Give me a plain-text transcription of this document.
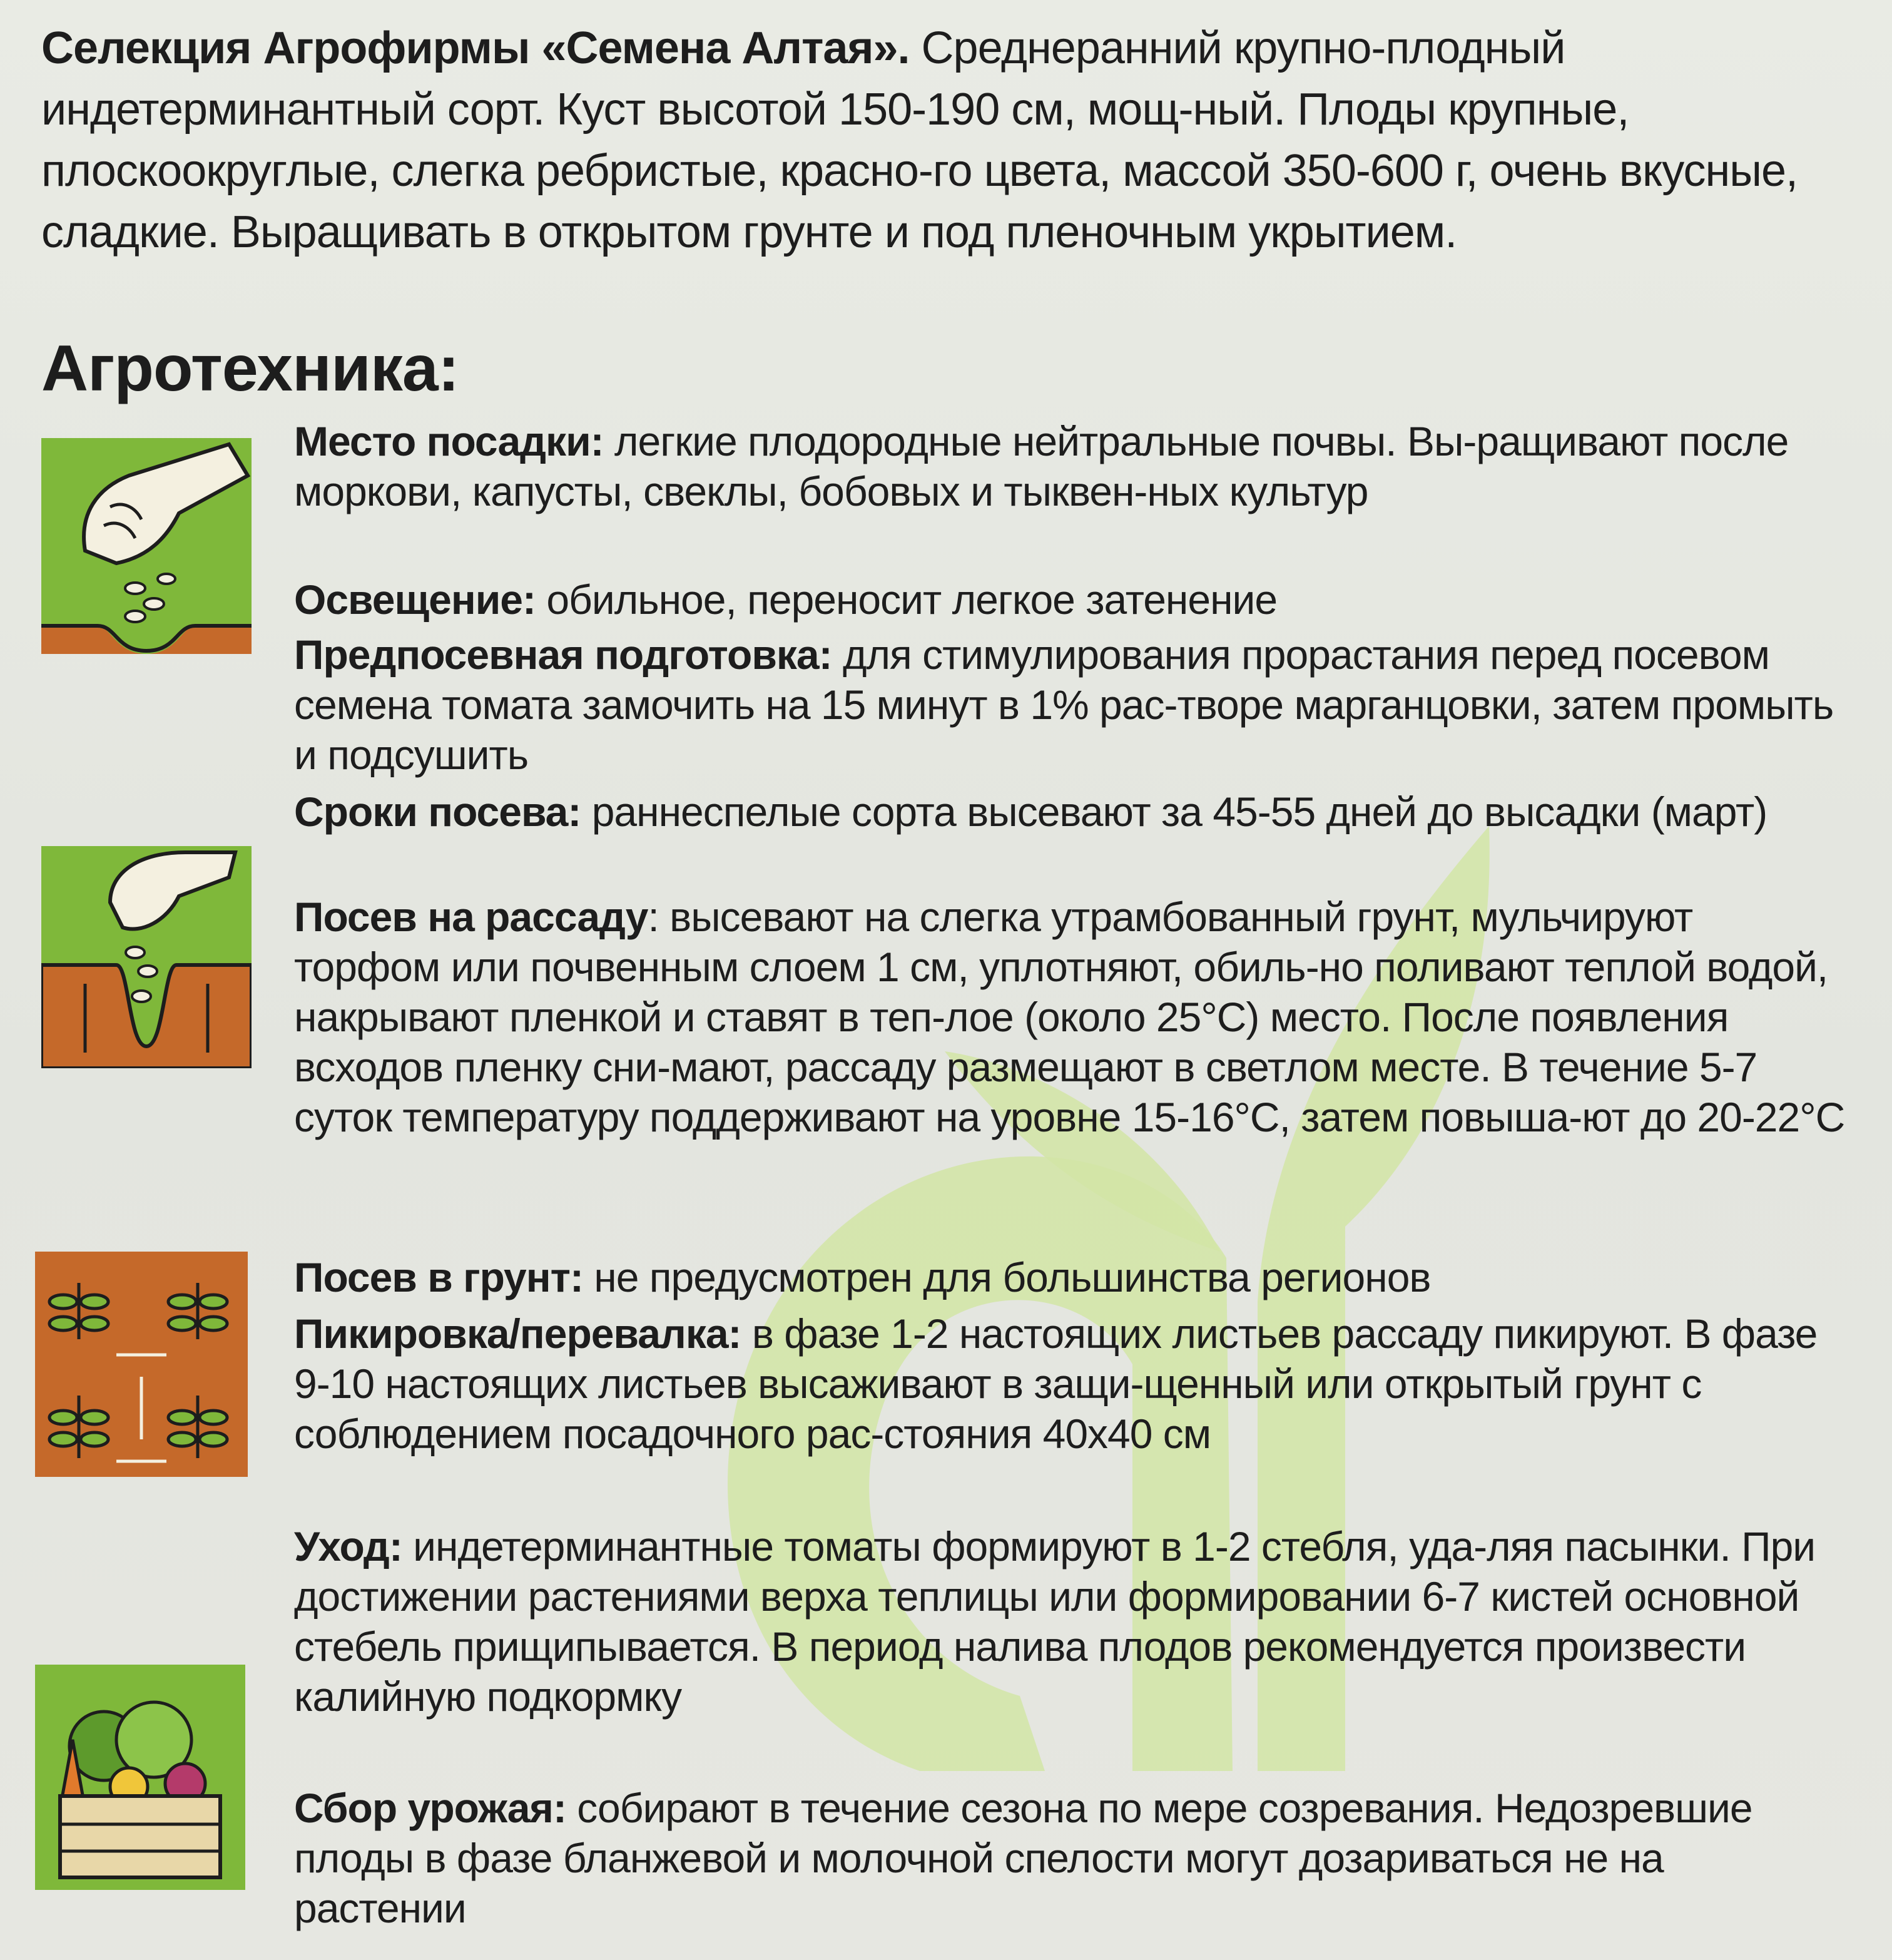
Селекция Агрофирмы «Семена Алтая». Среднеранний крупно-плодный индетерминантный сорт. Куст высотой 150-190 см, мощ-ный. Плоды крупные, плоскоокруглые, слегка ребристые, красно-го цвета, массой 350-600 г, очень вкусные, сладкие. Выращивать в открытом грунте и под пленочным укрытием.
Агротехника:
Место посадки: легкие плодородные нейтральные почвы. Вы-ращивают после моркови, капусты, свеклы, бобовых и тыквен-ных культур
Освещение: обильное, переносит легкое затенение
Предпосевная подготовка: для стимулирования прорастания перед посевом семена томата замочить на 15 минут в 1% рас-творе марганцовки, затем промыть и подсушить
Сроки посева: раннеспелые сорта высевают за 45-55 дней до высадки (март)
Посев на рассаду: высевают на слегка утрамбованный грунт, мульчируют торфом или почвенным слоем 1 см, уплотняют, обиль-но поливают теплой водой, накрывают пленкой и ставят в теп-лое (около 25°С) место. После появления всходов пленку сни-мают, рассаду размещают в светлом месте. В течение 5-7 суток температуру поддерживают на уровне 15-16°С, затем повыша-ют до 20-22°С
Посев в грунт: не предусмотрен для большинства регионов
Пикировка/перевалка: в фазе 1-2 настоящих листьев рассаду пикируют. В фазе 9-10 настоящих листьев высаживают в защи-щенный или открытый грунт с соблюдением посадочного рас-стояния 40х40 см
Уход: индетерминантные томаты формируют в 1-2 стебля, уда-ляя пасынки. При достижении растениями верха теплицы или формировании 6-7 кистей основной стебель прищипывается. В период налива плодов рекомендуется произвести калийную подкормку
Сбор урожая: собирают в течение сезона по мере созревания. Недозревшие плоды в фазе бланжевой и молочной спелости могут дозариваться не на растении
